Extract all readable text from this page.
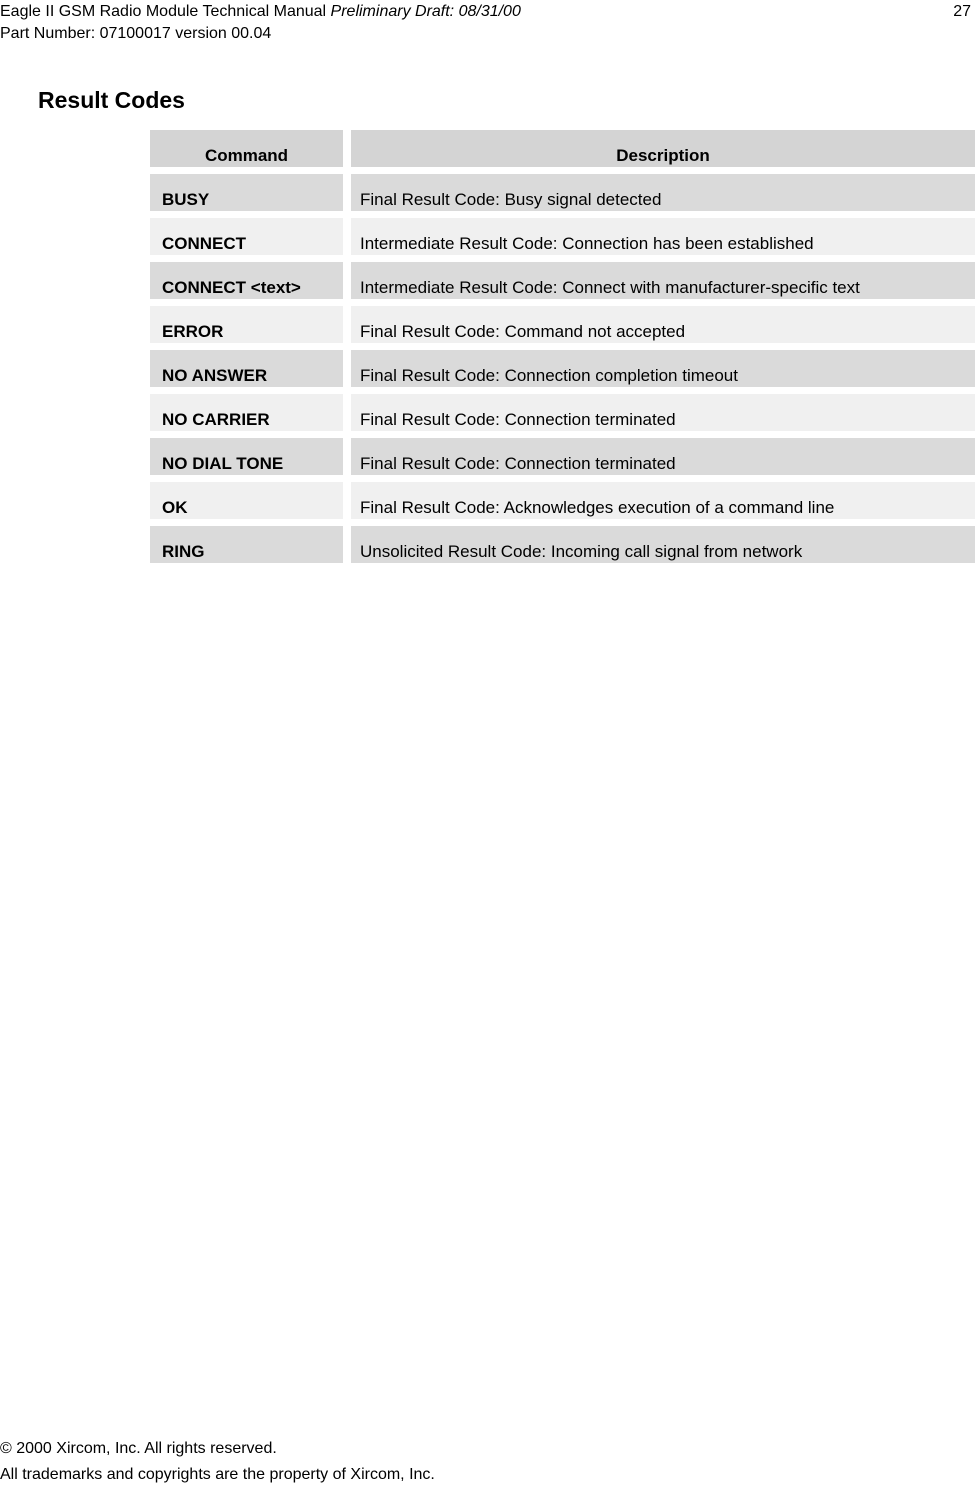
Eagle II GSM Radio Module Technical Manual Preliminary Draft: 08/31/00	27
Part Number: 07100017 version 00.04
Result Codes
Command		Description

BUSY		Final Result Code: Busy signal detected

CONNECT		Intermediate Result Code: Connection has been established

CONNECT <text>		Intermediate Result Code: Connect with manufacturer-specific text

ERROR		Final Result Code: Command not accepted

NO ANSWER		Final Result Code: Connection completion timeout

NO CARRIER		Final Result Code: Connection terminated

NO DIAL TONE		Final Result Code: Connection terminated

OK		Final Result Code: Acknowledges execution of a command line

RING		Unsolicited Result Code: Incoming call signal from network
© 2000 Xircom, Inc. All rights reserved.
All trademarks and copyrights are the property of Xircom, Inc.
